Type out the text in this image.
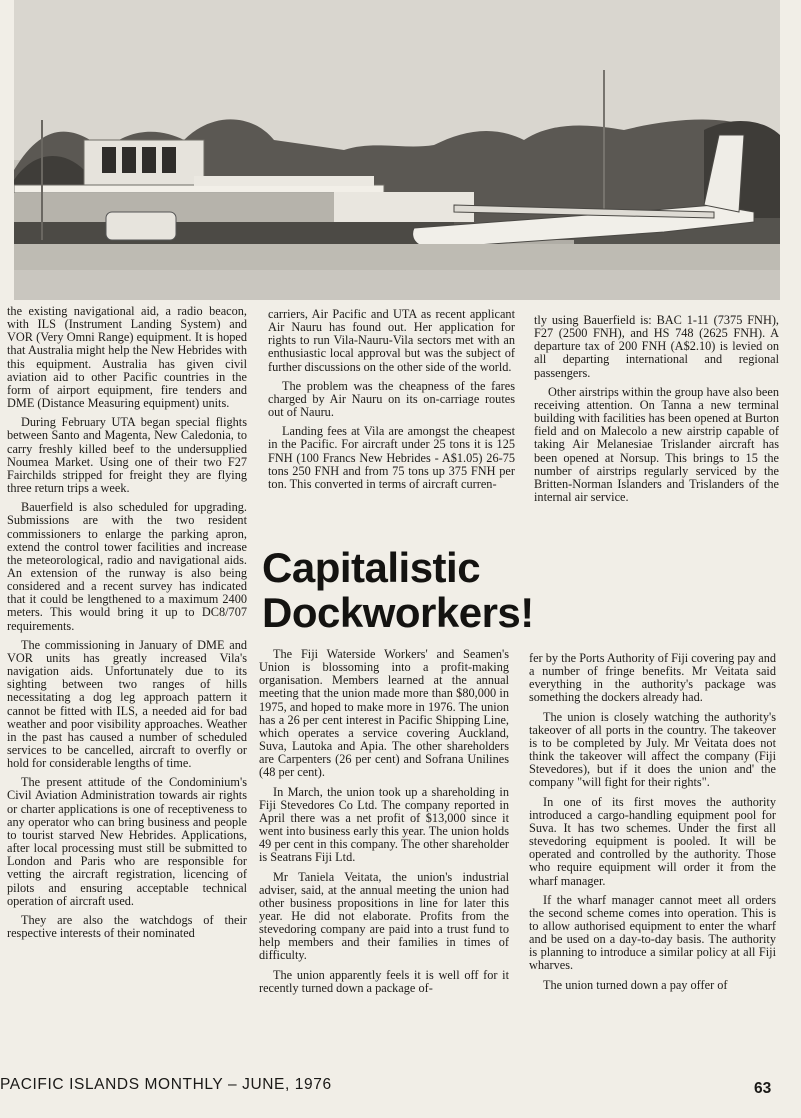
the existing navigational aid, a radio beacon, with ILS (Instrument Landing System) and VOR (Very Omni Range) equipment. It is hoped that Australia might help the New Hebrides with this equipment. Australia has given civil aviation aid to other Pacific countries in the form of airport equipment, fire tenders and DME (Distance Measuring equipment) units.

During February UTA began special flights between Santo and Magenta, New Caledonia, to carry freshly killed beef to the undersupplied Noumea Market. Using one of their two F27 Fairchilds stripped for freight they are flying three return trips a week.

Bauerfield is also scheduled for upgrading. Submissions are with the two resident commissioners to enlarge the parking apron, extend the control tower facilities and increase the meteorological, radio and navigational aids. An extension of the runway is also being considered and a recent survey has indicated that it could be lengthened to a maximum 2400 meters. This would bring it up to DC8/707 requirements.

The commissioning in January of DME and VOR units has greatly increased Vila's navigation aids. Unfortunately due to its sighting between two ranges of hills necessitating a dog leg approach pattern it cannot be fitted with ILS, a needed aid for bad weather and poor visibility approaches. Weather in the past has caused a number of scheduled services to be cancelled, aircraft to overfly or hold for considerable lengths of time.

The present attitude of the Condominium's Civil Aviation Administration towards air rights or charter applications is one of receptiveness to any operator who can bring business and people to tourist starved New Hebrides. Applications, after local processing must still be submitted to London and Paris who are responsible for vetting the aircraft registration, licencing of pilots and ensuring acceptable technical operation of aircraft used.

They are also the watchdogs of their respective interests of their nominated

carriers, Air Pacific and UTA as recent applicant Air Nauru has found out. Her application for rights to run Vila-Nauru-Vila sectors met with an enthusiastic local approval but was the subject of further discussions on the other side of the world.

The problem was the cheapness of the fares charged by Air Nauru on its on-carriage routes out of Nauru.

Landing fees at Vila are amongst the cheapest in the Pacific. For aircraft under 25 tons it is 125 FNH (100 Francs New Hebrides - A$1.05) 26-75 tons 250 FNH and from 75 tons up 375 FNH per ton. This converted in terms of aircraft curren-

tly using Bauerfield is: BAC 1-11 (7375 FNH), F27 (2500 FNH), and HS 748 (2625 FNH). A departure tax of 200 FNH (A$2.10) is levied on all departing international and regional passengers.

Other airstrips within the group have also been receiving attention. On Tanna a new terminal building with facilities has been opened at Burton field and on Malecolo a new airstrip capable of taking Air Melanesiae Trislander aircraft has been opened at Norsup. This brings to 15 the number of airstrips regularly serviced by the Britten-Norman Islanders and Trislanders of the internal air service.

Capitalistic
Dockworkers!

The Fiji Waterside Workers' and Seamen's Union is blossoming into a profit-making organisation. Members learned at the annual meeting that the union made more than $80,000 in 1975, and hoped to make more in 1976. The union has a 26 per cent interest in Pacific Shipping Line, which operates a service covering Auckland, Suva, Lautoka and Apia. The other shareholders are Carpenters (26 per cent) and Sofrana Unilines (48 per cent).

In March, the union took up a shareholding in Fiji Stevedores Co Ltd. The company reported in April there was a net profit of $13,000 since it went into business early this year. The union holds 49 per cent in this company. The other shareholder is Seatrans Fiji Ltd.

Mr Taniela Veitata, the union's industrial adviser, said, at the annual meeting the union had other business propositions in line for later this year. He did not elaborate. Profits from the stevedoring company are paid into a trust fund to help members and their families in times of difficulty.

The union apparently feels it is well off for it recently turned down a package of-

fer by the Ports Authority of Fiji covering pay and a number of fringe benefits. Mr Veitata said everything in the authority's package was something the dockers already had.

The union is closely watching the authority's takeover of all ports in the country. The takeover is to be completed by July. Mr Veitata does not think the takeover will affect the company (Fiji Stevedores), but if it does the union and' the company "will fight for their rights".

In one of its first moves the authority introduced a cargo-handling equipment pool for Suva. It has two schemes. Under the first all stevedoring equipment is pooled. It will be operated and controlled by the authority. Those who require equipment will order it from the wharf manager.

If the wharf manager cannot meet all orders the second scheme comes into operation. This is to allow authorised equipment to enter the wharf and be used on a day-to-day basis. The authority is planning to introduce a similar policy at all Fiji wharves.

The union turned down a pay offer of

PACIFIC ISLANDS MONTHLY – JUNE, 1976	63
